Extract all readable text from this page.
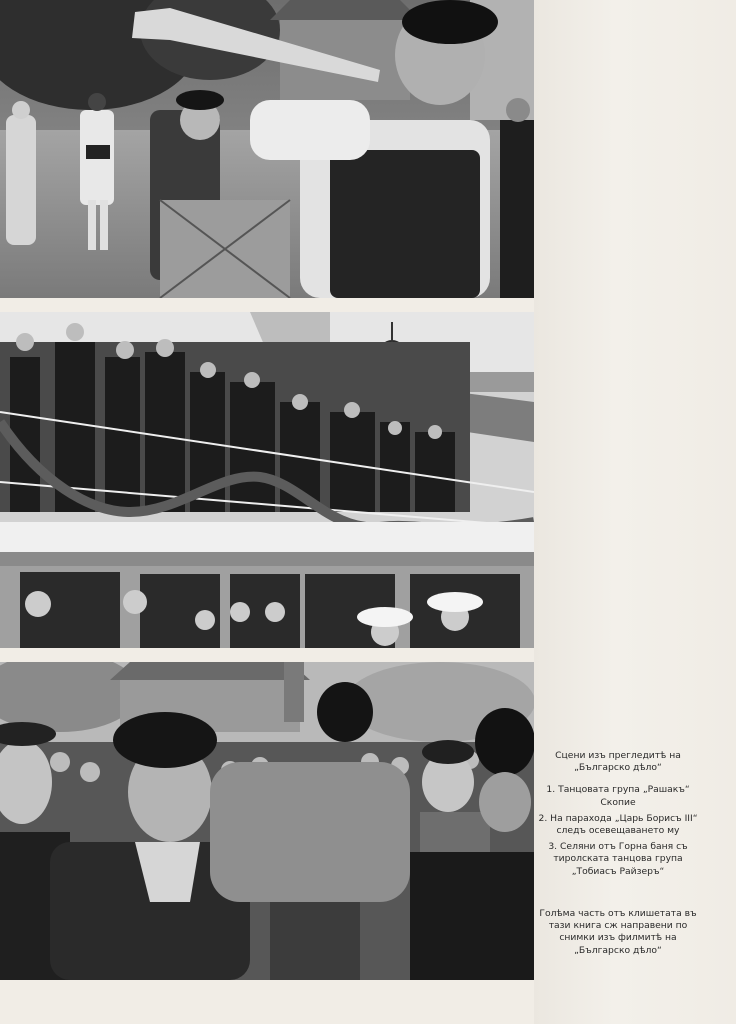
Сцени изъ прегледитѣ на „Българско дѣло“

1. Танцовата група „Рашакъ“ Скопие

2. На парахода „Царь Борисъ III“ следъ осевещаването му

3. Селяни отъ Горна баня съ тиролската танцова група „Тобиасъ Райзеръ“

Голѣма часть отъ клишетата въ тази книга сж направени по снимки изъ филмитѣ на „Българско дѣло“
